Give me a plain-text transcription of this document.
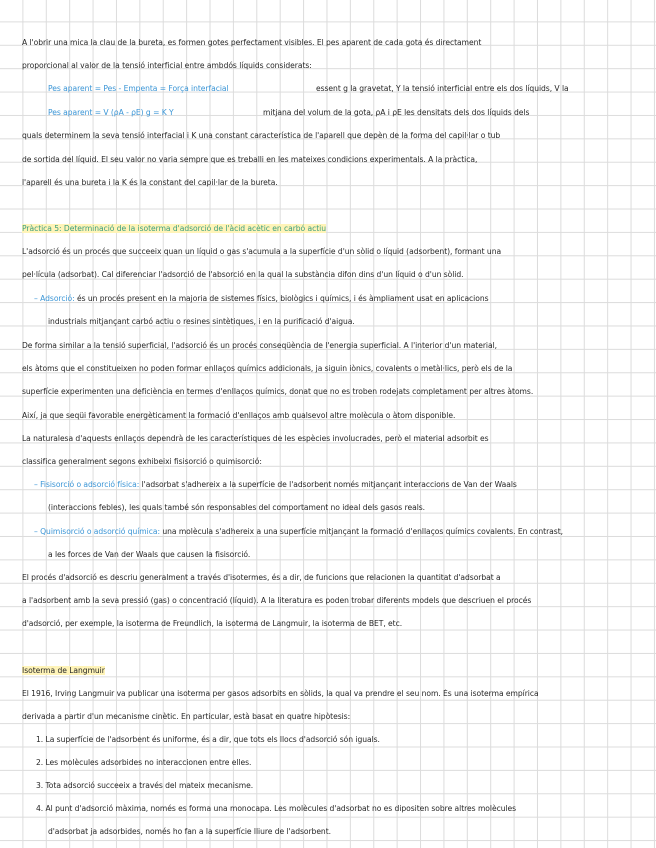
A l'obrir una mica la clau de la bureta, es formen gotes perfectament visibles. El pes aparent de cada gota és directament
proporcional al valor de la tensió interficial entre ambdós líquids considerats:
Pes aparent = Pes - Empenta = Força interfacial	essent g la gravetat, Y la tensió interficial entre els dos líquids, V la
Pes aparent = V (ρA - ρE) g = K Y	mitjana del volum de la gota, ρA i ρE les densitats dels dos líquids dels
quals determinem la seva tensió interfacial i K una constant característica de l'aparell que depèn de la forma del capil·lar o tub
de sortida del líquid. El seu valor no varia sempre que es treballi en les mateixes condicions experimentals. A la pràctica,
l'aparell és una bureta i la K és la constant del capil·lar de la bureta.
Pràctica 5: Determinació de la isoterma d'adsorció de l'àcid acètic en carbó actiu
L'adsorció és un procés que succeeix quan un líquid o gas s'acumula a la superfície d'un sòlid o líquid (adsorbent), formant una
pel·lícula (adsorbat). Cal diferenciar l'adsorció de l'absorció en la qual la substància difon dins d'un líquid o d'un sòlid.
– Adsorció: és un procés present en la majoria de sistemes físics, biològics i químics, i és àmpliament usat en aplicacions
industrials mitjançant carbó actiu o resines sintètiques, i en la purificació d'aigua.
De forma similar a la tensió superficial, l'adsorció és un procés conseqüència de l'energia superficial. A l'interior d'un material,
els àtoms que el constitueixen no poden formar enllaços químics addicionals, ja siguin iònics, covalents o metàl·lics, però els de la
superfície experimenten una deficiència en termes d'enllaços químics, donat que no es troben rodejats completament per altres àtoms.
Així, ja que seqüi favorable energèticament la formació d'enllaços amb qualsevol altre molècula o àtom disponible.
La naturalesa d'aquests enllaços dependrà de les característiques de les espècies involucrades, però el material adsorbit es
classifica generalment segons exhibeixi fisisorció o quimisorció:
– Fisisorció o adsorció física: l'adsorbat s'adhereix a la superfície de l'adsorbent només mitjançant interaccions de Van der Waals
(interaccions febles), les quals també són responsables del comportament no ideal dels gasos reals.
– Quimisorció o adsorció química: una molècula s'adhereix a una superfície mitjançant la formació d'enllaços químics covalents. En contrast,
a les forces de Van der Waals que causen la fisisorció.
El procés d'adsorció es descriu generalment a través d'isotermes, és a dir, de funcions que relacionen la quantitat d'adsorbat a
a l'adsorbent amb la seva pressió (gas) o concentració (líquid). A la literatura es poden trobar diferents models que descriuen el procés
d'adsorció, per exemple, la isoterma de Freundlich, la isoterma de Langmuir, la isoterma de BET, etc.
Isoterma de Langmuir
El 1916, Irving Langmuir va publicar una isoterma per gasos adsorbits en sòlids, la qual va prendre el seu nom. És una isoterma empírica
derivada a partir d'un mecanisme cinètic. En particular, està basat en quatre hipòtesis:
1. La superfície de l'adsorbent és uniforme, és a dir, que tots els llocs d'adsorció són iguals.
2. Les molècules adsorbides no interaccionen entre elles.
3. Tota adsorció succeeix a través del mateix mecanisme.
4. Al punt d'adsorció màxima, només es forma una monocapa. Les molècules d'adsorbat no es dipositen sobre altres molècules
d'adsorbat ja adsorbides, només ho fan a la superfície lliure de l'adsorbent.
